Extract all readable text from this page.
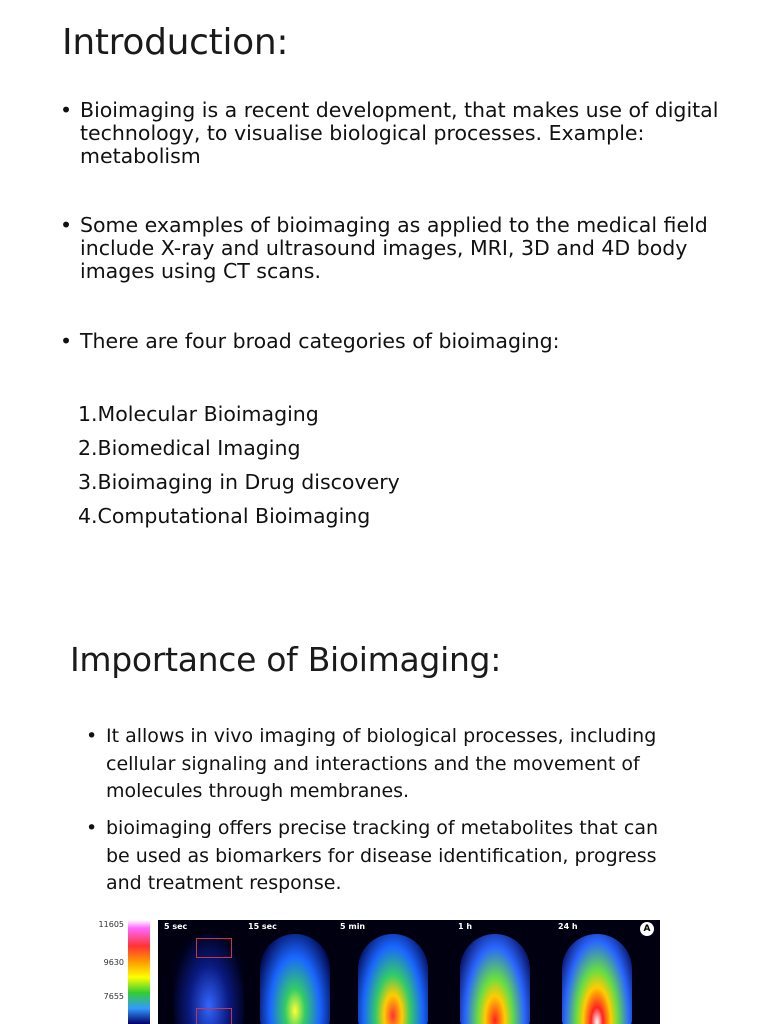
Introduction:
• Bioimaging is a recent development, that makes use of digital technology, to visualise biological processes. Example: metabolism
• Some examples of bioimaging as applied to the medical field include X-ray and ultrasound images, MRI, 3D and 4D body images using CT scans.
• There are four broad categories of bioimaging:
1.Molecular Bioimaging
2.Biomedical Imaging
3.Bioimaging in Drug discovery
4.Computational Bioimaging
Importance of Bioimaging:
• It allows in vivo imaging of biological processes, including cellular signaling and interactions and the movement of molecules through membranes.
• bioimaging offers precise tracking of metabolites that can be used as biomarkers for disease identification, progress and treatment response.
11605
9630
7655
5 sec	15 sec	5 min	1 h	24 h	A
